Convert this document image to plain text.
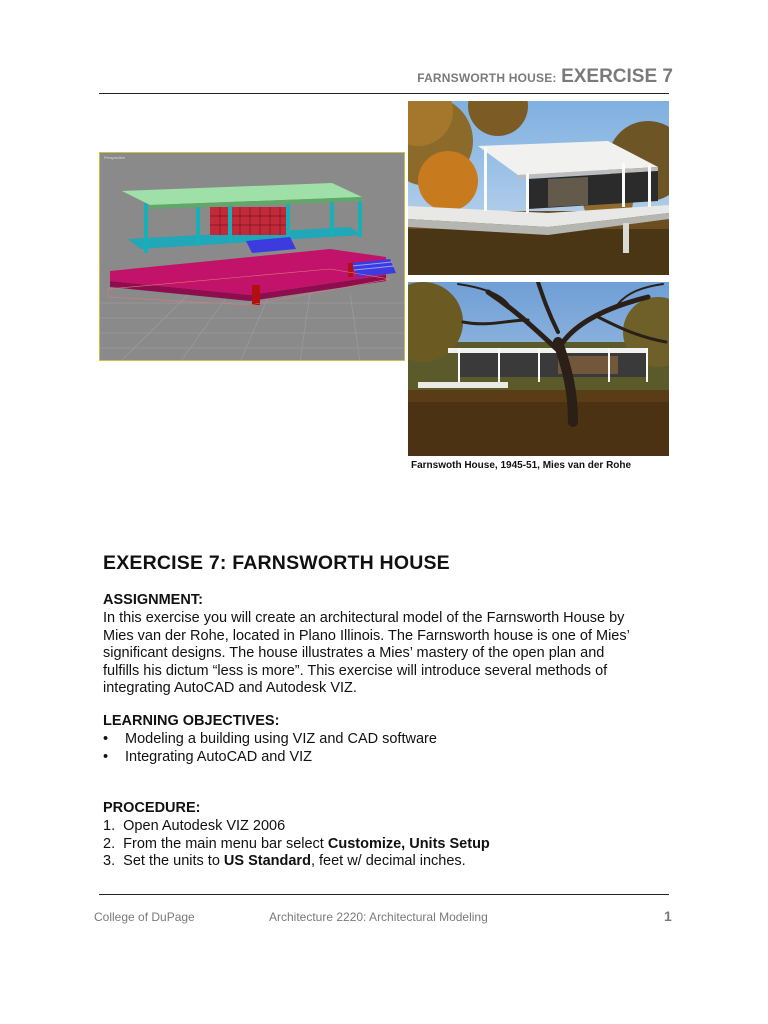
FARNSWORTH HOUSE: EXERCISE 7
Perspective
Farnswoth House, 1945-51, Mies van der Rohe
EXERCISE 7: FARNSWORTH HOUSE
ASSIGNMENT:
In this exercise you will create an architectural model of the Farnsworth House by
Mies van der Rohe, located in Plano Illinois. The Farnsworth house is one of Mies’
significant designs. The house illustrates a Mies’ mastery of the open plan and
fulfills his dictum “less is more”. This exercise will introduce several methods of
integrating AutoCAD and Autodesk VIZ.
LEARNING OBJECTIVES:
•	Modeling a building using VIZ and CAD software
•	Integrating AutoCAD and VIZ
PROCEDURE:
1. Open Autodesk VIZ 2006
2. From the main menu bar select Customize, Units Setup
3. Set the units to US Standard, feet w/ decimal inches.
College of DuPage	Architecture 2220: Architectural Modeling	1
